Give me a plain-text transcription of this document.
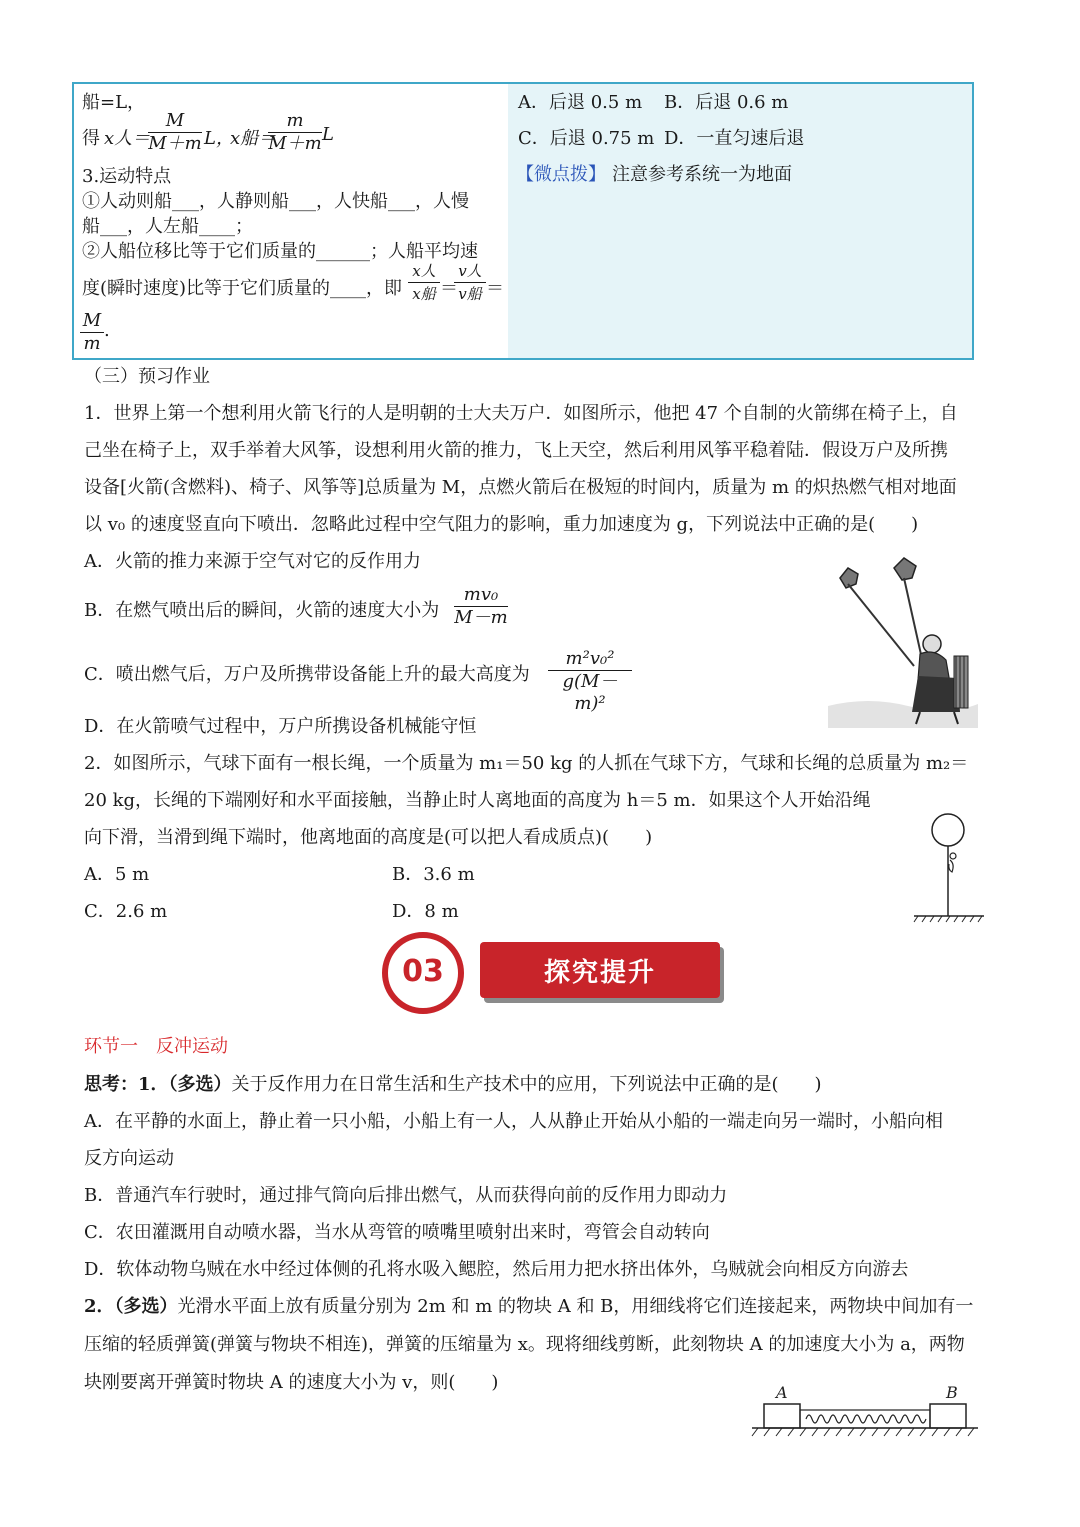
船=L，
得 x人＝
$\frac{M}{M+m}$ L，
x船＝
$\frac{m}{M+m}$ L
3.运动特点
①人动则船___，人静则船___，人快船___，人慢
船___，人左船____；
②人船位移比等于它们质量的______；人船平均速
度(瞬时速度)比等于它们质量的____，即
x人
x船 ＝
v人
v船 ＝
$\frac{M}{m}$ .
A．后退 0.5 m B．后退 0.6 m
C．后退 0.75 m D．一直匀速后退
【微点拨】 注意参考系统一为地面
（三）预习作业
1．世界上第一个想利用火箭飞行的人是明朝的士大夫万户．如图所示，他把 47 个自制的火箭绑在椅子上，自
己坐在椅子上，双手举着大风筝，设想利用火箭的推力，飞上天空，然后利用风筝平稳着陆．假设万户及所携
设备[火箭(含燃料)、椅子、风筝等]总质量为 M，点燃火箭后在极短的时间内，质量为 m 的炽热燃气相对地面
以 v₀ 的速度竖直向下喷出．忽略此过程中空气阻力的影响，重力加速度为 g，下列说法中正确的是(　　)
A．火箭的推力来源于空气对它的反作用力
B．在燃气喷出后的瞬间，火箭的速度大小为 $\frac{\text{mv₀}}{M-m}$
C．喷出燃气后，万户及所携带设备能上升的最大高度为 $\frac{\text{m²v₀²}}{\text{g(M－m)²}}$
D．在火箭喷气过程中，万户所携设备机械能守恒
2．如图所示，气球下面有一根长绳，一个质量为 m₁＝50 kg 的人抓在气球下方，气球和长绳的总质量为 m₂＝
20 kg，长绳的下端刚好和水平面接触，当静止时人离地面的高度为 h＝5 m．如果这个人开始沿绳
向下滑，当滑到绳下端时，他离地面的高度是(可以把人看成质点)(　　)
A．5 m	B．3.6 m
C．2.6 m	D．8 m
探究提升
03
环节一　反冲运动
思考：1．（多选）关于反作用力在日常生活和生产技术中的应用，下列说法中正确的是(　　)
A．在平静的水面上，静止着一只小船，小船上有一人，人从静止开始从小船的一端走向另一端时，小船向相
反方向运动
B．普通汽车行驶时，通过排气筒向后排出燃气，从而获得向前的反作用力即动力
C．农田灌溉用自动喷水器，当水从弯管的喷嘴里喷射出来时，弯管会自动转向
D．软体动物乌贼在水中经过体侧的孔将水吸入鳃腔，然后用力把水挤出体外，乌贼就会向相反方向游去
2．（多选）光滑水平面上放有质量分别为 2m 和 m 的物块 A 和 B，用细线将它们连接起来，两物块中间加有一
压缩的轻质弹簧(弹簧与物块不相连)，弹簧的压缩量为 x。现将细线剪断，此刻物块 A 的加速度大小为 a，两物
块刚要离开弹簧时物块 A 的速度大小为 v，则(　　)	A	B
